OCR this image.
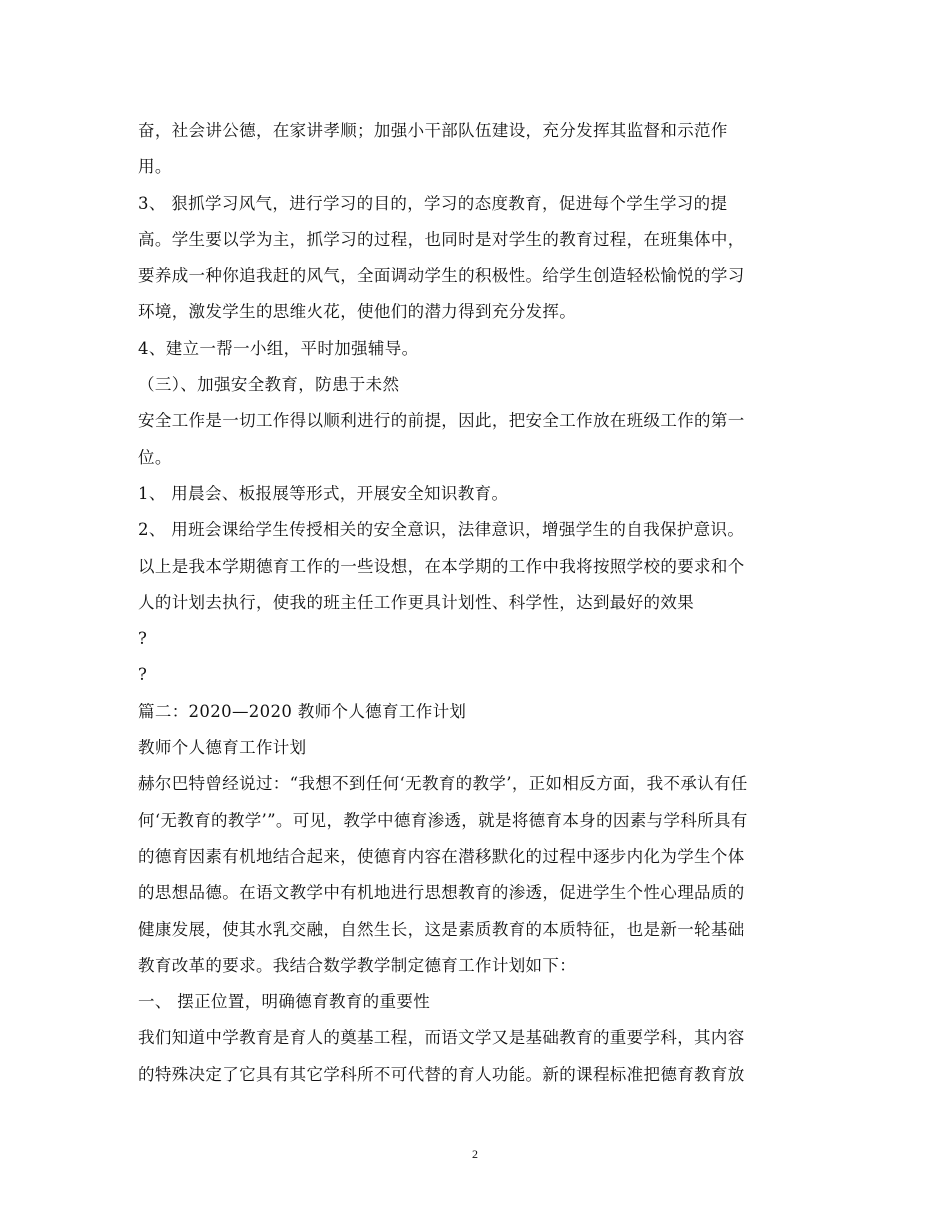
奋，社会讲公德，在家讲孝顺；加强小干部队伍建设，充分发挥其监督和示范作
用。
3、 狠抓学习风气，进行学习的目的，学习的态度教育，促进每个学生学习的提
高。学生要以学为主，抓学习的过程，也同时是对学生的教育过程，在班集体中，
要养成一种你追我赶的风气，全面调动学生的积极性。给学生创造轻松愉悦的学习
环境，激发学生的思维火花，使他们的潜力得到充分发挥。
4、建立一帮一小组，平时加强辅导。
（三）、加强安全教育，防患于未然
安全工作是一切工作得以顺利进行的前提，因此，把安全工作放在班级工作的第一
位。
1、 用晨会、板报展等形式，开展安全知识教育。
2、 用班会课给学生传授相关的安全意识，法律意识，增强学生的自我保护意识。
以上是我本学期德育工作的一些设想，在本学期的工作中我将按照学校的要求和个
人的计划去执行，使我的班主任工作更具计划性、科学性，达到最好的效果
?
?
篇二：2020—2020 教师个人德育工作计划
教师个人德育工作计划
赫尔巴特曾经说过：“我想不到任何‘无教育的教学’，正如相反方面，我不承认有任
何‘无教育的教学’”。可见，教学中德育渗透，就是将德育本身的因素与学科所具有
的德育因素有机地结合起来，使德育内容在潜移默化的过程中逐步内化为学生个体
的思想品德。在语文教学中有机地进行思想教育的渗透，促进学生个性心理品质的
健康发展，使其水乳交融，自然生长，这是素质教育的本质特征，也是新一轮基础
教育改革的要求。我结合数学教学制定德育工作计划如下：
一、 摆正位置，明确德育教育的重要性
我们知道中学教育是育人的奠基工程，而语文学又是基础教育的重要学科，其内容
的特殊决定了它具有其它学科所不可代替的育人功能。新的课程标准把德育教育放
2
